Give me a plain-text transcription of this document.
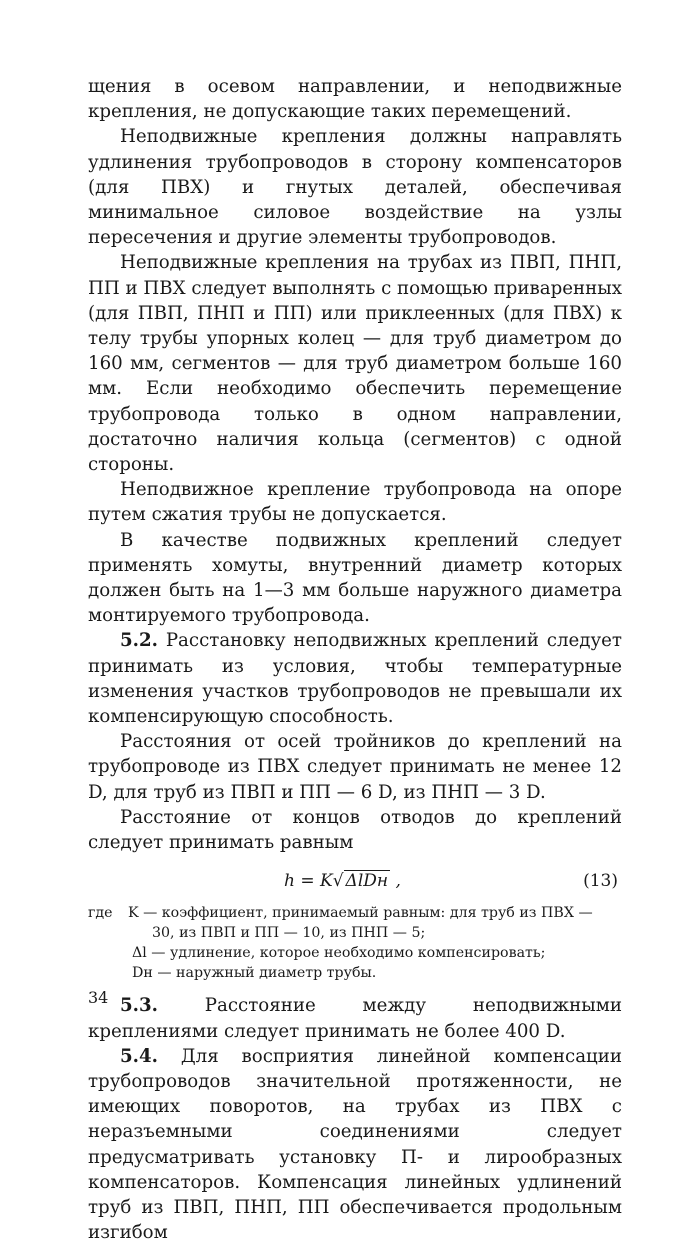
щения в осевом направлении, и неподвижные крепления, не допускающие таких перемещений.

Неподвижные крепления должны направлять удлинения трубопроводов в сторону компенсаторов (для ПВХ) и гнутых деталей, обеспечивая минимальное силовое воздействие на узлы пересечения и другие элементы трубопроводов.

Неподвижные крепления на трубах из ПВП, ПНП, ПП и ПВХ следует выполнять с помощью приваренных (для ПВП, ПНП и ПП) или приклеенных (для ПВХ) к телу трубы упорных колец — для труб диаметром до 160 мм, сегментов — для труб диаметром больше 160 мм. Если необходимо обеспечить перемещение трубопровода только в одном направлении, достаточно наличия кольца (сегментов) с одной стороны.

Неподвижное крепление трубопровода на опоре путем сжатия трубы не допускается.

В качестве подвижных креплений следует применять хомуты, внутренний диаметр которых должен быть на 1—3 мм больше наружного диаметра монтируемого трубопровода.

5.2. Расстановку неподвижных креплений следует принимать из условия, чтобы температурные изменения участков трубопроводов не превышали их компенсирующую способность.

Расстояния от осей тройников до креплений на трубопроводе из ПВХ следует принимать не менее 12 D, для труб из ПВП и ПП — 6 D, из ПНП — 3 D.

Расстояние от концов отводов до креплений следует принимать равным

h = K√ ΔlDн ,	(13)
где	K — коэффициент, принимаемый равным: для труб из ПВХ —
30, из ПВП и ПП — 10, из ПНП — 5;
Δl — удлинение, которое необходимо компенсировать;
Dн — наружный диаметр трубы.

5.3. Расстояние между неподвижными креплениями следует принимать не более 400 D.

5.4. Для восприятия линейной компенсации трубопроводов значительной протяженности, не имеющих поворотов, на трубах из ПВХ с неразъемными соединениями следует предусматривать установку П- и лирообразных компенсаторов. Компенсация линейных удлинений труб из ПВП, ПНП, ПП обеспечивается продольным изгибом

34
